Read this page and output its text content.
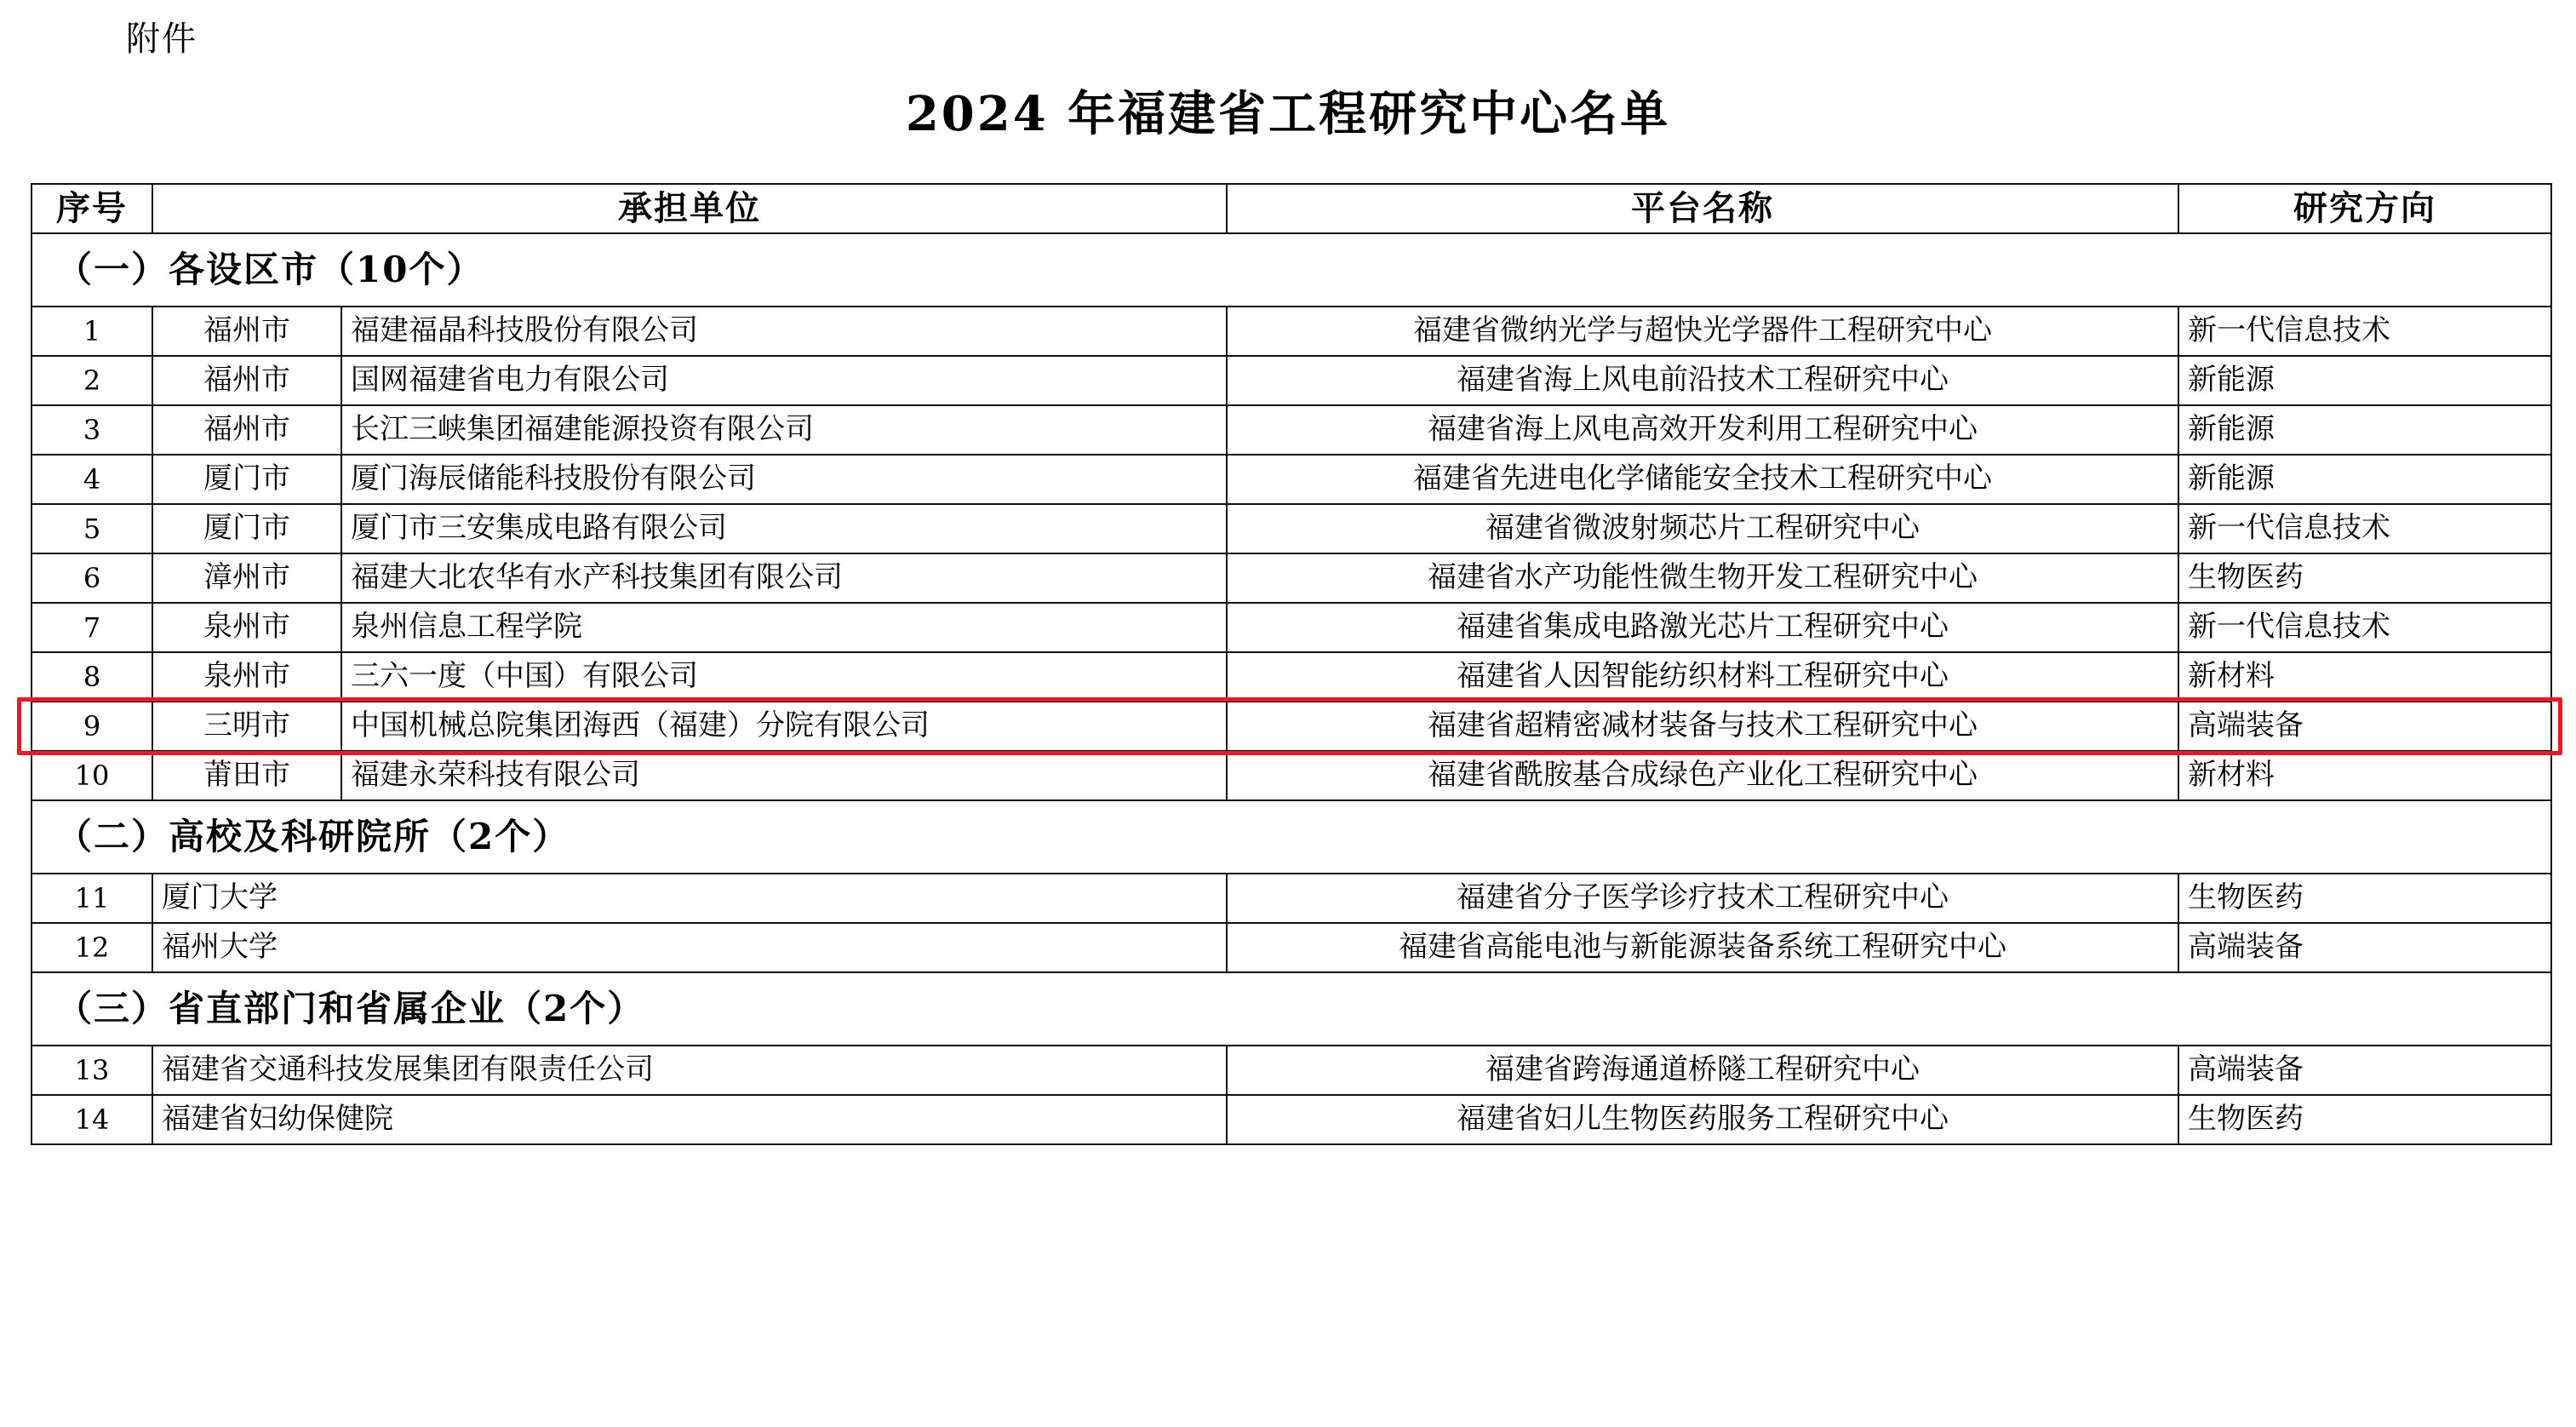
附件
2024 年福建省工程研究中心名单
序号	承担单位		平台名称	研究方向
（一）各设区市（10个）				
1	福州市	福建福晶科技股份有限公司	福建省微纳光学与超快光学器件工程研究中心	新一代信息技术
2	福州市	国网福建省电力有限公司	福建省海上风电前沿技术工程研究中心	新能源
3	福州市	长江三峡集团福建能源投资有限公司	福建省海上风电高效开发利用工程研究中心	新能源
4	厦门市	厦门海辰储能科技股份有限公司	福建省先进电化学储能安全技术工程研究中心	新能源
5	厦门市	厦门市三安集成电路有限公司	福建省微波射频芯片工程研究中心	新一代信息技术
6	漳州市	福建大北农华有水产科技集团有限公司	福建省水产功能性微生物开发工程研究中心	生物医药
7	泉州市	泉州信息工程学院	福建省集成电路激光芯片工程研究中心	新一代信息技术
8	泉州市	三六一度（中国）有限公司	福建省人因智能纺织材料工程研究中心	新材料
9	三明市	中国机械总院集团海西（福建）分院有限公司	福建省超精密减材装备与技术工程研究中心	高端装备
10	莆田市	福建永荣科技有限公司	福建省酰胺基合成绿色产业化工程研究中心	新材料
（二）高校及科研院所（2个）				
11	厦门大学		福建省分子医学诊疗技术工程研究中心	生物医药
12	福州大学		福建省高能电池与新能源装备系统工程研究中心	高端装备
（三）省直部门和省属企业（2个）				
13	福建省交通科技发展集团有限责任公司		福建省跨海通道桥隧工程研究中心	高端装备
14	福建省妇幼保健院		福建省妇儿生物医药服务工程研究中心	生物医药
